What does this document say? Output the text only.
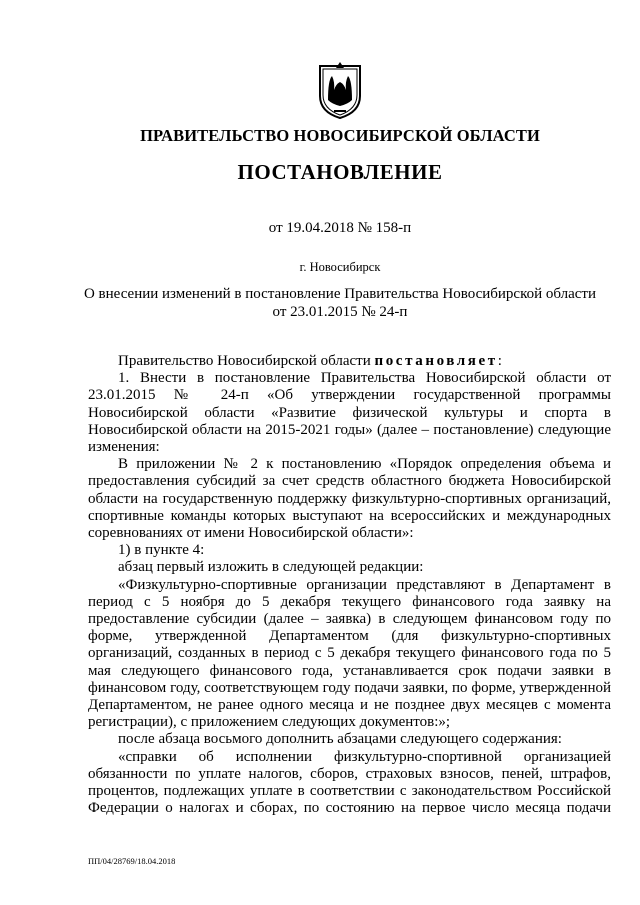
ПРАВИТЕЛЬСТВО НОВОСИБИРСКОЙ ОБЛАСТИ
ПОСТАНОВЛЕНИЕ
от 19.04.2018 № 158-п
г. Новосибирск
О внесении изменений в постановление Правительства Новосибирской области
от 23.01.2015 № 24-п

Правительство Новосибирской области постановляет:

1. Внести в постановление Правительства Новосибирской области от 23.01.2015 № 24-п «Об утверждении государственной программы Новосибирской области «Развитие физической культуры и спорта в Новосибирской области на 2015-2021 годы» (далее – постановление) следующие изменения:

В приложении № 2 к постановлению «Порядок определения объема и предоставления субсидий за счет средств областного бюджета Новосибирской области на государственную поддержку физкультурно-спортивных организаций, спортивные команды которых выступают на всероссийских и международных соревнованиях от имени Новосибирской области»:

1) в пункте 4:

абзац первый изложить в следующей редакции:

«Физкультурно-спортивные организации представляют в Департамент в период с 5 ноября до 5 декабря текущего финансового года заявку на предоставление субсидии (далее – заявка) в следующем финансовом году по форме, утвержденной Департаментом (для физкультурно-спортивных организаций, созданных в период с 5 декабря текущего финансового года по 5 мая следующего финансового года, устанавливается срок подачи заявки в финансовом году, соответствующем году подачи заявки, по форме, утвержденной Департаментом, не ранее одного месяца и не позднее двух месяцев с момента регистрации), с приложением следующих документов:»;

после абзаца восьмого дополнить абзацами следующего содержания:

«справки об исполнении физкультурно-спортивной организацией обязанности по уплате налогов, сборов, страховых взносов, пеней, штрафов, процентов, подлежащих уплате в соответствии с законодательством Российской Федерации о налогах и сборах, по состоянию на первое число месяца подачи

ПП/04/28769/18.04.2018
